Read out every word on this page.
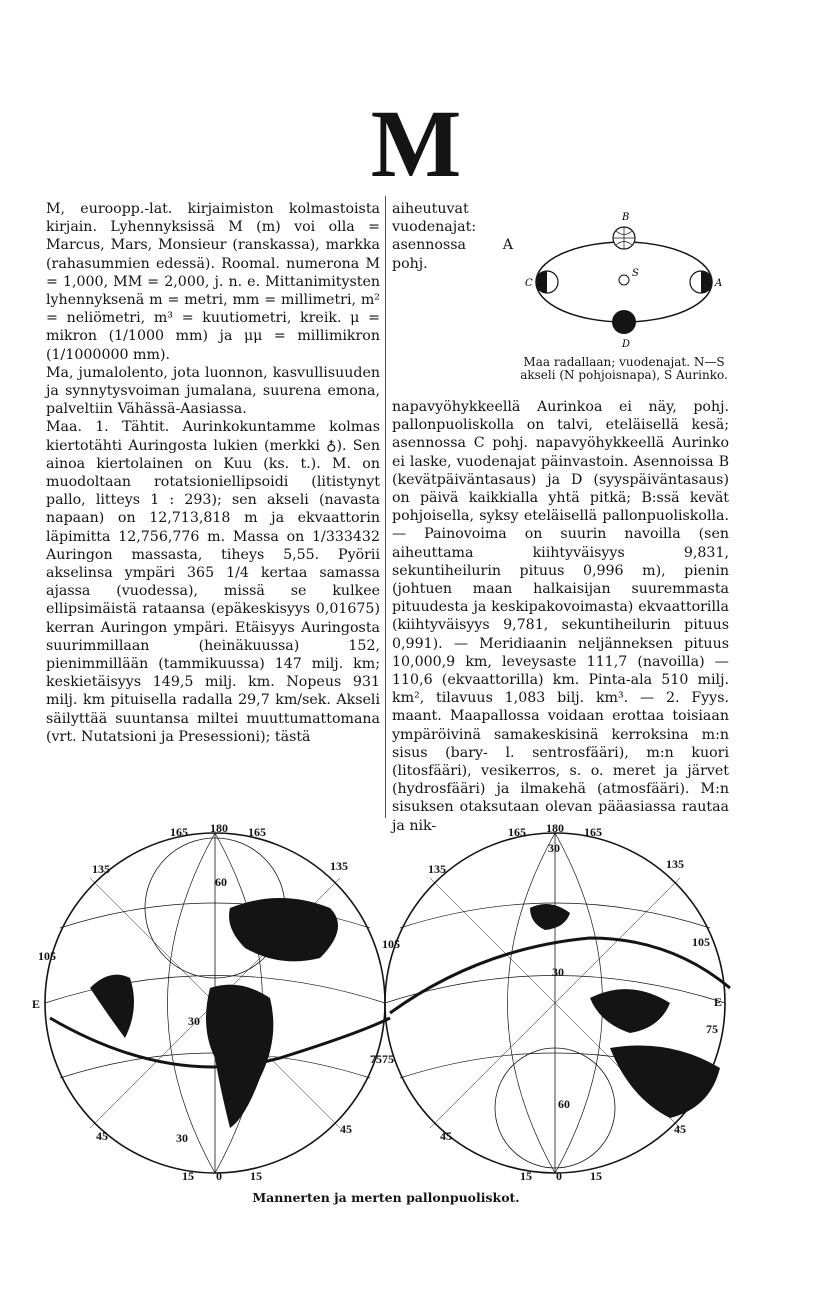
M

M, euroopp.-lat. kirjaimiston kolmastoista kirjain. Lyhennyksissä M (m) voi olla = Marcus, Mars, Monsieur (ranskassa), markka (rahasummien edessä). Roomal. numerona M = 1,000, MM = 2,000, j. n. e. Mittanimitysten lyhennyksenä m = metri, mm = millimetri, m² = neliömetri, m³ = kuutiometri, kreik. μ = mikron (1/1000 mm) ja μμ = millimikron (1/1000000 mm).

Ma, jumalolento, jota luonnon, kasvullisuuden ja synnytysvoiman jumalana, suurena emona, palveltiin Vähässä-Aasiassa.

Maa. 1. Tähtit. Aurinkokuntamme kolmas kiertotähti Auringosta lukien (merkki ♁). Sen ainoa kiertolainen on Kuu (ks. t.). M. on muodoltaan rotatsioniellipsoidi (litistynyt pallo, litteys 1 : 293); sen akseli (navasta napaan) on 12,713,818 m ja ekvaattorin läpimitta 12,756,776 m. Massa on 1/333432 Auringon massasta, tiheys 5,55. Pyörii akselinsa ympäri 365 1/4 kertaa samassa ajassa (vuodessa), missä se kulkee ellipsimäistä rataansa (epäkeskisyys 0,01675) kerran Auringon ympäri. Etäisyys Auringosta suurimmillaan (heinäkuussa) 152, pienimmillään (tammikuussa) 147 milj. km; keskietäisyys 149,5 milj. km. Nopeus 931 milj. km pituisella radalla 29,7 km/sek. Akseli säilyttää suuntansa miltei muuttumattomana (vrt. Nutatsioni ja Presessioni); tästä

S
B
D
C	A
Maa radallaan; vuodenajat. N—S akseli (N pohjoisnapa), S Aurinko.

aiheutuvat vuodenajat: asennossa A pohj. napavyöhykkeellä Aurinkoa ei näy, pohj. pallonpuoliskolla on talvi, eteläisellä kesä; asennossa C pohj. napavyöhykkeellä Aurinko ei laske, vuodenajat päinvastoin. Asennoissa B (kevätpäiväntasaus) ja D (syyspäiväntasaus) on päivä kaikkialla yhtä pitkä; B:ssä kevät pohjoisella, syksy eteläisellä pallonpuoliskolla. — Painovoima on suurin navoilla (sen aiheuttama kiihtyväisyys 9,831, sekuntiheilurin pituus 0,996 m), pienin (johtuen maan halkaisijan suuremmasta pituudesta ja keskipakovoimasta) ekvaattorilla (kiihtyväisyys 9,781, sekuntiheilurin pituus 0,991). — Meridiaanin neljänneksen pituus 10,000,9 km, leveysaste 111,7 (navoilla) — 110,6 (ekvaattorilla) km. Pinta-ala 510 milj. km², tilavuus 1,083 bilj. km³. — 2. Fyys. maant. Maapallossa voidaan erottaa toisiaan ympäröivinä samakeskisinä kerroksina m:n sisus (bary- l. sentrosfääri), m:n kuori (litosfääri), vesikerros, s. o. meret ja järvet (hydrosfääri) ja ilmakehä (atmosfääri). M:n sisuksen otaksutaan olevan pääasiassa rautaa ja nik-

165 180 165
135	135
60
105
E
30
75
45	30
45
15 0 15
165 180 165
30
135	135
105	105
30
E
75
75
60
45	45
15 0 15
Mannerten ja merten pallonpuoliskot.
